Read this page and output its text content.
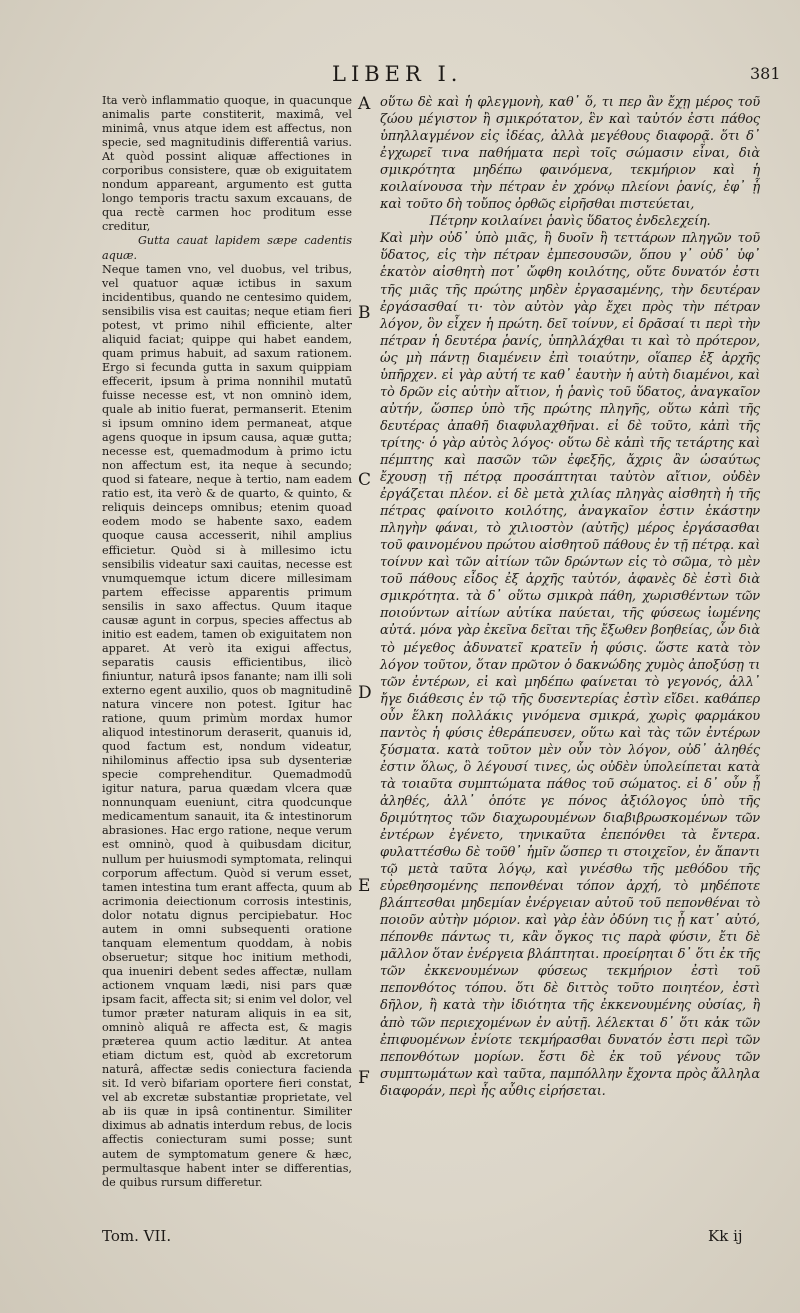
LIBER I.	381

Ita verò inflammatio quoque, in quacunque animalis parte constiterit, maximâ, vel minimâ, vnus atque idem est affectus, non specie, sed magnitudinis differentiâ varius. At quòd possint aliquæ affectiones in corporibus consistere, quæ ob exiguitatem nondum appareant, argumento est gutta longo temporis tractu saxum excauans, de qua rectè carmen hoc proditum esse creditur,

Gutta cauat lapidem sæpe cadentis aquæ.

Neque tamen vno, vel duobus, vel tribus, vel quatuor aquæ ictibus in saxum incidentibus, quando ne centesimo quidem, sensibilis visa est cauitas; neque etiam fieri potest, vt primo nihil efficiente, alter aliquid faciat; quippe qui habet eandem, quam primus habuit, ad saxum rationem. Ergo si fecunda gutta in saxum quippiam effecerit, ipsum à prima nonnihil mutatū fuisse necesse est, vt non omninò idem, quale ab initio fuerat, permanserit. Etenim si ipsum omnino idem permaneat, atque agens quoque in ipsum causa, aquæ gutta; necesse est, quemadmodum à primo ictu non affectum est, ita neque à secundo; quod si fateare, neque à tertio, nam eadem ratio est, ita verò & de quarto, & quinto, & reliquis deinceps omnibus; etenim quoad eodem modo se habente saxo, eadem quoque causa accesserit, nihil amplius efficietur. Quòd si à millesimo ictu sensibilis videatur saxi cauitas, necesse est vnumquemque ictum dicere millesimam partem effecisse apparentis primum sensilis in saxo affectus. Quum itaque causæ agunt in corpus, species affectus ab initio est eadem, tamen ob exiguitatem non apparet. At verò ita exigui affectus, separatis causis efficientibus, ilicò finiuntur, naturâ ipsos fanante; nam illi soli externo egent auxilio, quos ob magnitudinē natura vincere non potest. Igitur hac ratione, quum primùm mordax humor aliquod intestinorum deraserit, quanuis id, quod factum est, nondum videatur, nihilominus affectio ipsa sub dysenteriæ specie comprehenditur. Quemadmodū igitur natura, parua quædam vlcera quæ nonnunquam eueniunt, citra quodcunque medicamentum sanauit, ita & intestinorum abrasiones. Hac ergo ratione, neque verum est omninò, quod à quibusdam dicitur, nullum per huiusmodi symptomata, relinqui corporum affectum. Quòd si verum esset, tamen intestina tum erant affecta, quum ab acrimonia deiectionum corrosis intestinis, dolor notatu dignus percipiebatur. Hoc autem in omni subsequenti oratione tanquam elementum quoddam, à nobis obseruetur; sitque hoc initium methodi, qua inueniri debent sedes affectæ, nullam actionem vnquam lædi, nisi pars quæ ipsam facit, affecta sit; si enim vel dolor, vel tumor præter naturam aliquis in ea sit, omninò aliquâ re affecta est, & magis præterea quum actio læditur. At antea etiam dictum est, quòd ab excretorum naturâ, affectæ sedis coniectura facienda sit. Id verò bifariam oportere fieri constat, vel ab excretæ substantiæ proprietate, vel ab iis quæ in ipsâ continentur. Similiter diximus ab adnatis interdum rebus, de locis affectis coniecturam sumi posse; sunt autem de symptomatum genere & hæc, permultasque habent inter se differentias, de quibus rursum differetur.

A
B
C
D
E
F

οὕτω δὲ καὶ ἡ φλεγμονὴ, καθ᾽ ὅ, τι περ ἂν ἔχῃ μέρος τοῦ ζώου μέγιστον ἢ σμικρότατον, ἓν καὶ ταὐτόν ἐστι πάθος ὑπηλλαγμένον εἰς ἰδέας, ἀλλὰ μεγέθους διαφορᾷ. ὅτι δ᾽ ἐγχωρεῖ τινα παθήματα περὶ τοῖς σώμασιν εἶναι, διὰ σμικρότητα μηδέπω φαινόμενα, τεκμήριον καὶ ἡ κοιλαίνουσα τὴν πέτραν ἐν χρόνῳ πλείονι ῥανίς, ἐφ᾽ ᾗ καὶ τοῦτο δὴ τοὔπος ὀρθῶς εἰρῆσθαι πιστεύεται,

Πέτρην κοιλαίνει ῥανὶς ὕδατος ἐνδελεχείη.

Καὶ μὴν οὐδ᾽ ὑπὸ μιᾶς, ἢ δυοῖν ἢ τεττάρων πληγῶν τοῦ ὕδατος, εἰς τὴν πέτραν ἐμπεσουσῶν, ὅπου γ᾽ οὐδ᾽ ὑφ᾽ ἑκατὸν αἰσθητὴ ποτ᾽ ὤφθη κοιλότης, οὔτε δυνατόν ἐστι τῆς μιᾶς τῆς πρώτης μηδὲν ἐργασαμένης, τὴν δευτέραν ἐργάσασθαί τι· τὸν αὐτὸν γὰρ ἔχει πρὸς τὴν πέτραν λόγον, ὃν εἶχεν ἡ πρώτη. δεῖ τοίνυν, εἰ δρᾶσαί τι περὶ τὴν πέτραν ἡ δευτέρα ῥανίς, ὑπηλλάχθαι τι καὶ τὸ πρότερον, ὡς μὴ πάντῃ διαμένειν ἐπὶ τοιαύτην, οἵαπερ ἐξ ἀρχῆς ὑπῆρχεν. εἰ γὰρ αὐτή τε καθ᾽ ἑαυτὴν ἡ αὐτὴ διαμένοι, καὶ τὸ δρῶν εἰς αὐτὴν αἴτιον, ἡ ῥανὶς τοῦ ὕδατος, ἀναγκαῖον αὐτήν, ὥσπερ ὑπὸ τῆς πρώτης πληγῆς, οὕτω κἀπὶ τῆς δευτέρας ἀπαθῆ διαφυλαχθῆναι. εἰ δὲ τοῦτο, κἀπὶ τῆς τρίτης· ὁ γὰρ αὐτὸς λόγος· οὕτω δὲ κἀπὶ τῆς τετάρτης καὶ πέμπτης καὶ πασῶν τῶν ἐφεξῆς, ἄχρις ἂν ὡσαύτως ἔχουσῃ τῇ πέτρᾳ προσάπτηται ταὐτὸν αἴτιον, οὐδὲν ἐργάζεται πλέον. εἰ δὲ μετὰ χιλίας πληγὰς αἰσθητὴ ἡ τῆς πέτρας φαίνοιτο κοιλότης, ἀναγκαῖον ἐστιν ἑκάστην πληγὴν φάναι, τὸ χιλιοστὸν (αὐτῆς) μέρος ἐργάσασθαι τοῦ φαινομένου πρώτου αἰσθητοῦ πάθους ἐν τῇ πέτρᾳ. καὶ τοίνυν καὶ τῶν αἰτίων τῶν δρώντων εἰς τὸ σῶμα, τὸ μὲν τοῦ πάθους εἶδος ἐξ ἀρχῆς ταὐτόν, ἀφανὲς δὲ ἐστὶ διὰ σμικρότητα. τὰ δ᾽ οὕτω σμικρὰ πάθη, χωρισθέντων τῶν ποιούντων αἰτίων αὐτίκα παύεται, τῆς φύσεως ἰωμένης αὐτά. μόνα γὰρ ἐκεῖνα δεῖται τῆς ἔξωθεν βοηθείας, ὧν διὰ τὸ μέγεθος ἀδυνατεῖ κρατεῖν ἡ φύσις. ὥστε κατὰ τὸν λόγον τοῦτον, ὅταν πρῶτον ὁ δακνώδης χυμὸς ἀποξύσῃ τι τῶν ἐντέρων, εἰ καὶ μηδέπω φαίνεται τὸ γεγονός, ἀλλ᾽ ἤγε διάθεσις ἐν τῷ τῆς δυσεντερίας ἐστὶν εἴδει. καθάπερ οὖν ἕλκη πολλάκις γινόμενα σμικρά, χωρὶς φαρμάκου παντὸς ἡ φύσις ἐθεράπευσεν, οὕτω καὶ τὰς τῶν ἐντέρων ξύσματα. κατὰ τοῦτον μὲν οὖν τὸν λόγον, οὐδ᾽ ἀληθές ἐστιν ὅλως, ὃ λέγουσί τινες, ὡς οὐδὲν ὑπολείπεται κατὰ τὰ τοιαῦτα συμπτώματα πάθος τοῦ σώματος. εἰ δ᾽ οὖν ᾖ ἀληθές, ἀλλ᾽ ὁπότε γε πόνος ἀξιόλογος ὑπὸ τῆς δριμύτητος τῶν διαχωρουμένων διαβιβρωσκομένων τῶν ἐντέρων ἐγένετο, τηνικαῦτα ἐπεπόνθει τὰ ἔντερα. φυλαττέσθω δὲ τοῦθ᾽ ἡμῖν ὥσπερ τι στοιχεῖον, ἐν ἅπαντι τῷ μετὰ ταῦτα λόγῳ, καὶ γινέσθω τῆς μεθόδου τῆς εὑρεθησομένης πεπονθέναι τόπον ἀρχή, τὸ μηδέποτε βλάπτεσθαι μηδεμίαν ἐνέργειαν αὐτοῦ τοῦ πεπονθέναι τὸ ποιοῦν αὐτὴν μόριον. καὶ γὰρ ἐὰν ὀδύνη τις ᾖ κατ᾽ αὐτό, πέπονθε πάντως τι, κἂν ὄγκος τις παρὰ φύσιν, ἔτι δὲ μᾶλλον ὅταν ἐνέργεια βλάπτηται. προείρηται δ᾽ ὅτι ἐκ τῆς τῶν ἐκκενουμένων φύσεως τεκμήριον ἐστὶ τοῦ πεπονθότος τόπου. ὅτι δὲ διττὸς τοῦτο ποιητέον, ἐστὶ δῆλον, ἢ κατὰ τὴν ἰδιότητα τῆς ἐκκενουμένης οὐσίας, ἢ ἀπὸ τῶν περιεχομένων ἐν αὐτῇ. λέλεκται δ᾽ ὅτι κἀκ τῶν ἐπιφυομένων ἐνίοτε τεκμήρασθαι δυνατόν ἐστι περὶ τῶν πεπονθότων μορίων. ἔστι δὲ ἐκ τοῦ γένους τῶν συμπτωμάτων καὶ ταῦτα, παμπόλλην ἔχοντα πρὸς ἄλληλα διαφοράν, περὶ ἧς αὖθις εἰρήσεται.

Tom. VII.	Kk ij
